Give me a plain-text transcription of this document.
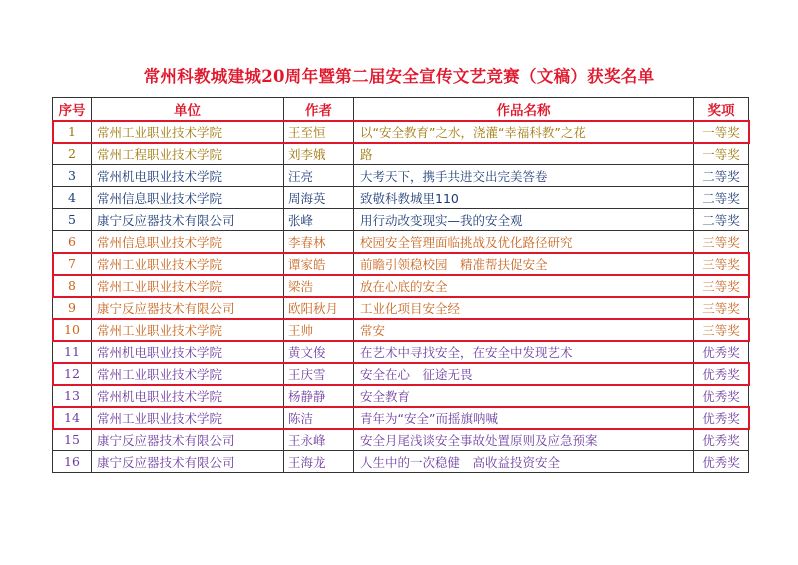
常州科教城建城20周年暨第二届安全宣传文艺竞赛（文稿）获奖名单
序号	单位	作者	作品名称	奖项
1	常州工业职业技术学院	王至恒	以“安全教育”之水，浇灌“幸福科教”之花	一等奖
2	常州工程职业技术学院	刘李娥	路	一等奖
3	常州机电职业技术学院	汪亮	大考天下，携手共进交出完美答卷	二等奖
4	常州信息职业技术学院	周海英	致敬科教城里110	二等奖
5	康宁反应器技术有限公司	张峰	用行动改变现实—我的安全观	二等奖
6	常州信息职业技术学院	李春林	校园安全管理面临挑战及优化路径研究	三等奖
7	常州工业职业技术学院	谭家皓	前瞻引领稳校园　精准帮扶促安全	三等奖
8	常州工业职业技术学院	梁浩	放在心底的安全	三等奖
9	康宁反应器技术有限公司	欧阳秋月	工业化项目安全经	三等奖
10	常州工业职业技术学院	王帅	常安	三等奖
11	常州机电职业技术学院	黄文俊	在艺术中寻找安全，在安全中发现艺术	优秀奖
12	常州工业职业技术学院	王庆雪	安全在心　征途无畏	优秀奖
13	常州机电职业技术学院	杨静静	安全教育	优秀奖
14	常州工业职业技术学院	陈洁	青年为“安全”而摇旗呐喊	优秀奖
15	康宁反应器技术有限公司	王永峰	安全月尾浅谈安全事故处置原则及应急预案	优秀奖
16	康宁反应器技术有限公司	王海龙	人生中的一次稳健　高收益投资安全	优秀奖
